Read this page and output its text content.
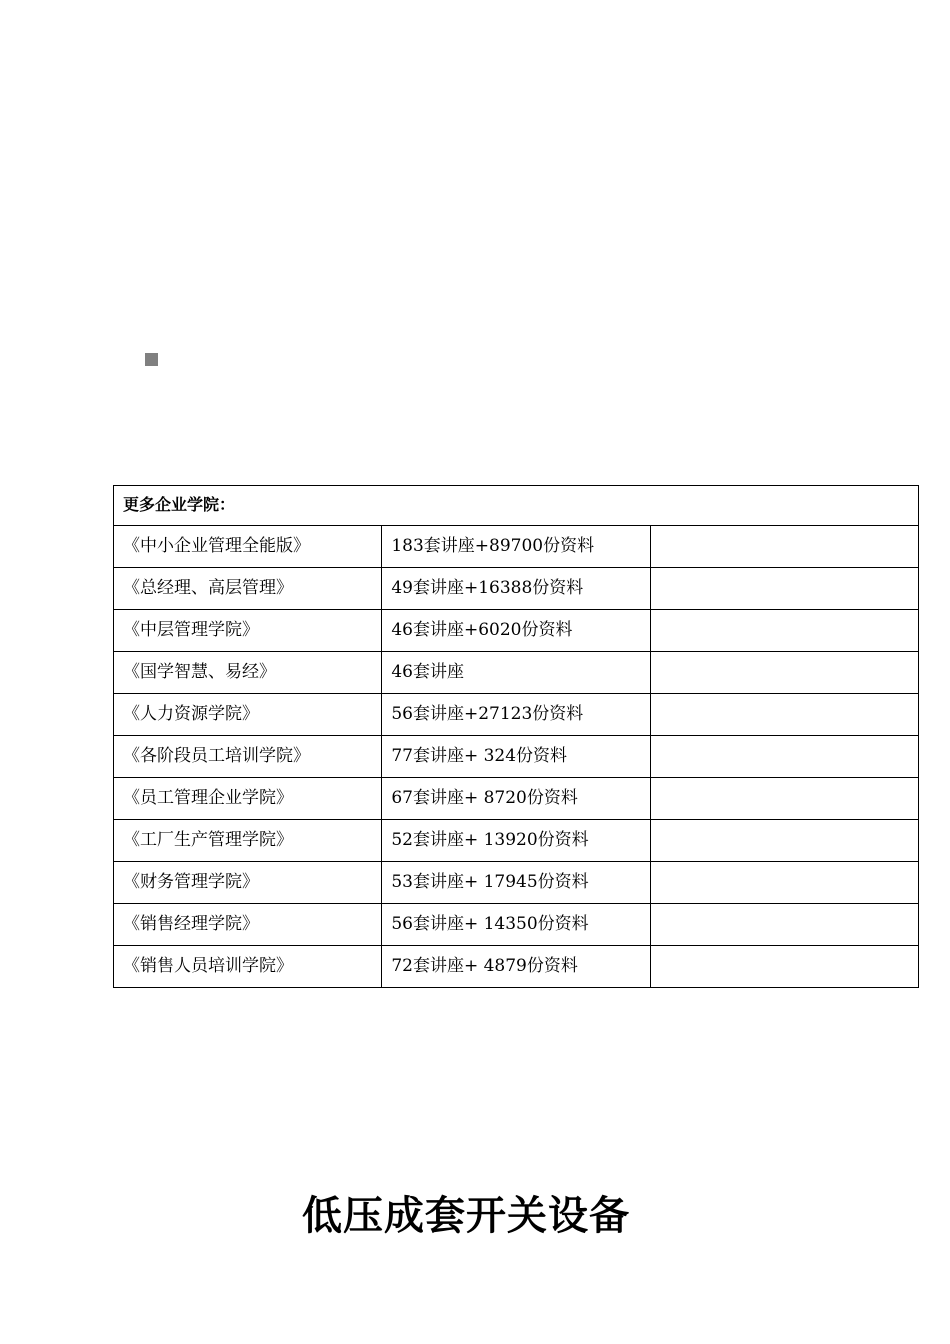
更多企业学院：		
《中小企业管理全能版》	183套讲座+89700份资料	
《总经理、高层管理》	49套讲座+16388份资料	
《中层管理学院》	46套讲座+6020份资料	
《国学智慧、易经》	46套讲座	
《人力资源学院》	56套讲座+27123份资料	
《各阶段员工培训学院》	77套讲座+ 324份资料	
《员工管理企业学院》	67套讲座+ 8720份资料	
《工厂生产管理学院》	52套讲座+ 13920份资料	
《财务管理学院》	53套讲座+ 17945份资料	
《销售经理学院》	56套讲座+ 14350份资料	
《销售人员培训学院》	72套讲座+ 4879份资料	
低压成套开关设备
